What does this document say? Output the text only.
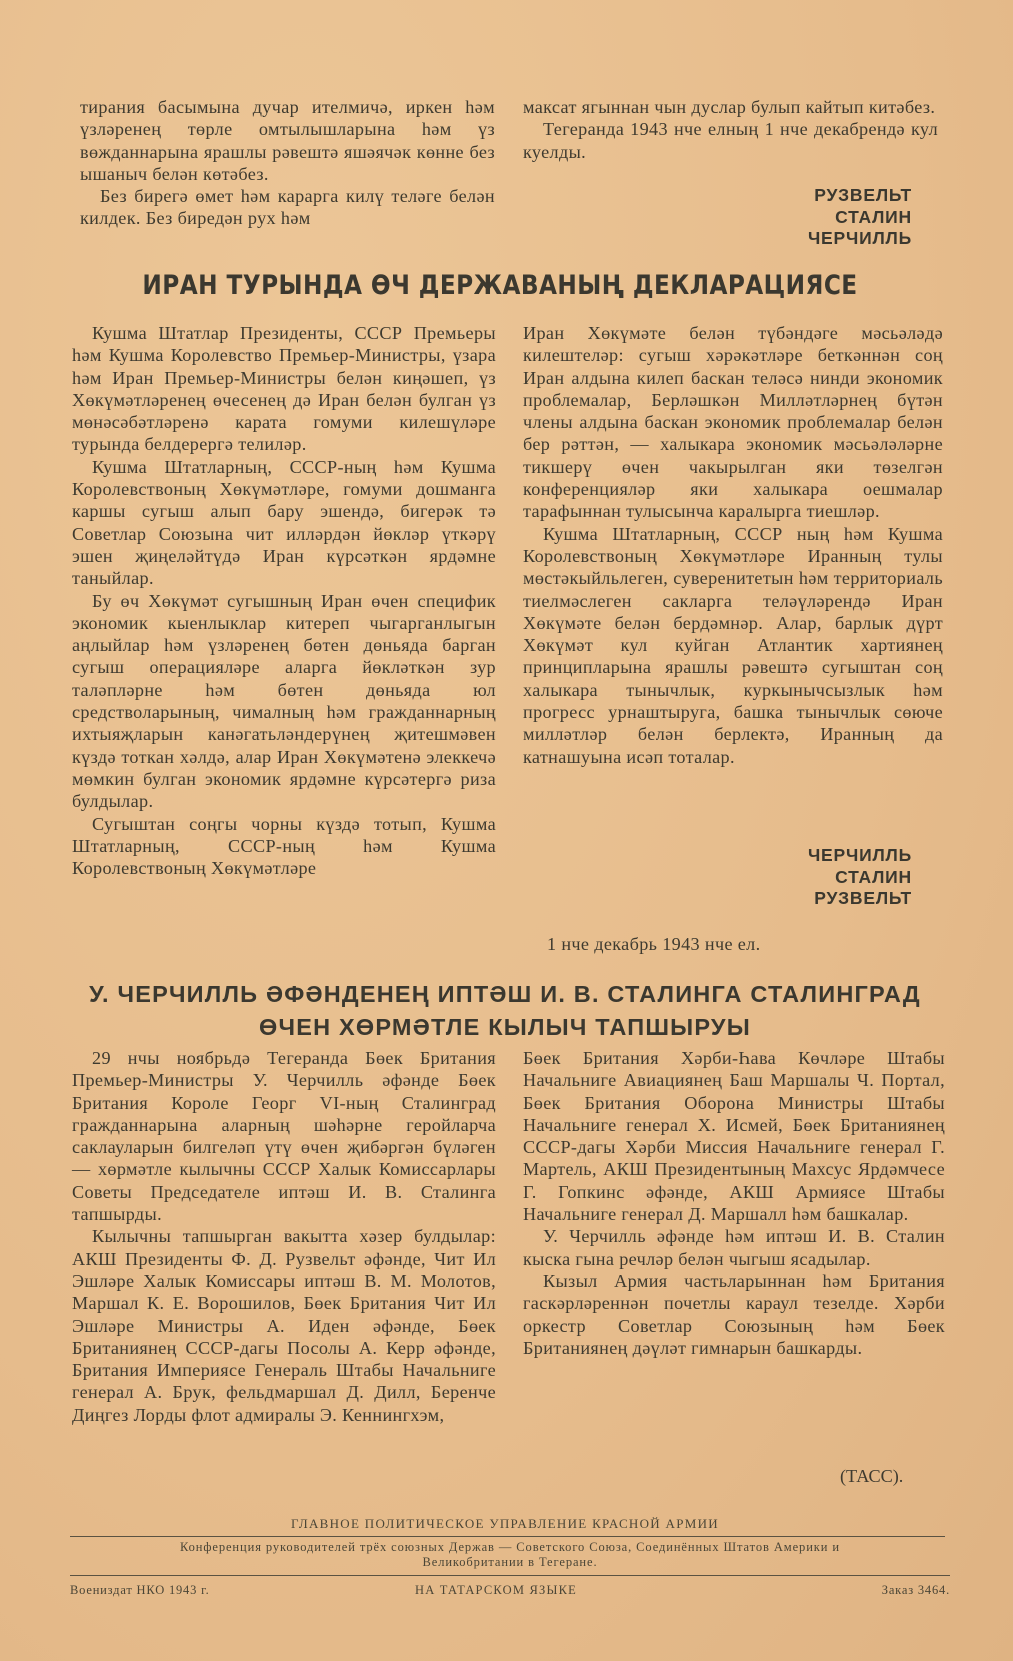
тирания басымына дучар ителмичә, иркен һәм үзләренең төрле омтылышларына һәм үз вөжданнарына ярашлы рәвештә яшәячәк көнне без ышаныч белән көтәбез.

Без бирегә өмет һәм карарга килү теләге белән килдек. Без биредән рух һәм

максат ягыннан чын дуслар булып кайтып китәбез.

Тегеранда 1943 нче елның 1 нче декабрендә кул куелды.

РУЗВЕЛЬТ
СТАЛИН
ЧЕРЧИЛЛЬ
ИРАН ТУРЫНДА ӨЧ ДЕРЖАВАНЫҢ ДЕКЛАРАЦИЯСЕ

Кушма Штатлар Президенты, СССР Премьеры һәм Кушма Королевство Премьер-Министры, үзара һәм Иран Премьер-Министры белән киңәшеп, үз Хөкүмәтләренең өчесенең дә Иран белән булган үз мөнәсәбәтләренә карата гомуми килешүләре турында белдерергә телиләр.

Кушма Штатларның, СССР-ның һәм Кушма Королевствоның Хөкүмәтләре, гомуми дошманга каршы сугыш алып бару эшендә, бигерәк тә Советлар Союзына чит илләрдән йөкләр үткәрү эшен җиңеләйтүдә Иран күрсәткән ярдәмне таныйлар.

Бу өч Хөкүмәт сугышның Иран өчен специфик экономик кыенлыклар китереп чыгарганлыгын аңлыйлар һәм үзләренең бөтен дөньяда барган сугыш операцияләре аларга йөкләткән зур таләпләрне һәм бөтен дөньяда юл средстволарының, чималның һәм гражданнарның ихтыяҗларын канәгатьләндерүнең җитешмәвен күздә тоткан хәлдә, алар Иран Хөкүмәтенә элеккечә мөмкин булган экономик ярдәмне күрсәтергә риза булдылар.

Сугыштан соңгы чорны күздә тотып, Кушма Штатларның, СССР-ның һәм Кушма Королевствоның Хөкүмәтләре

Иран Хөкүмәте белән түбәндәге мәсьәләдә килештеләр: сугыш хәрәкәтләре беткәннән соң Иран алдына килеп баскан теләсә нинди экономик проблемалар, Берләшкән Милләтләрнең бүтән члены алдына баскан экономик проблемалар белән бер рәттән, — халыкара экономик мәсьәләләрне тикшерү өчен чакырылган яки төзелгән конференцияләр яки халыкара оешмалар тарафыннан тулысынча каралырга тиешләр.

Кушма Штатларның, СССР ның һәм Кушма Королевствоның Хөкүмәтләре Иранның тулы мөстәкыйльлеген, суверенитетын һәм территориаль тиелмәслеген сакларга теләүләрендә Иран Хөкүмәте белән бердәмнәр. Алар, барлык дүрт Хөкүмәт кул куйган Атлантик хартиянең принципларына ярашлы рәвештә сугыштан соң халыкара тынычлык, куркынычсызлык һәм прогресс урнаштыруга, башка тынычлык сөюче милләтләр белән берлектә, Иранның да катнашуына исәп тоталар.

ЧЕРЧИЛЛЬ
СТАЛИН
РУЗВЕЛЬТ
1 нче декабрь 1943 нче ел.
У. ЧЕРЧИЛЛЬ ӘФӘНДЕНЕҢ ИПТӘШ И. В. СТАЛИНГА СТАЛИНГРАД
ӨЧЕН ХӨРМӘТЛЕ КЫЛЫЧ ТАПШЫРУЫ

29 нчы ноябрьдә Тегеранда Бөек Британия Премьер-Министры У. Черчилль әфәнде Бөек Британия Короле Георг VI-ның Сталинград гражданнарына аларның шәһәрне геройларча саклауларын билгеләп үтү өчен җибәргән бүләген — хөрмәтле кылычны СССР Халык Комиссарлары Советы Председателе иптәш И. В. Сталинга тапшырды.

Кылычны тапшырган вакытта хәзер булдылар: АКШ Президенты Ф. Д. Рузвельт әфәнде, Чит Ил Эшләре Халык Комиссары иптәш В. М. Молотов, Маршал К. Е. Ворошилов, Бөек Британия Чит Ил Эшләре Министры А. Иден әфәнде, Бөек Британиянең СССР-дагы Посолы А. Керр әфәнде, Британия Империясе Генераль Штабы Начальниге генерал А. Брук, фельдмаршал Д. Дилл, Беренче Диңгез Лорды флот адмиралы Э. Кеннингхэм,

Бөек Британия Хәрби-Һава Көчләре Штабы Начальниге Авиациянең Баш Маршалы Ч. Портал, Бөек Британия Оборона Министры Штабы Начальниге генерал Х. Исмей, Бөек Британиянең СССР-дагы Хәрби Миссия Начальниге генерал Г. Мартель, АКШ Президентының Махсус Ярдәмчесе Г. Гопкинс әфәнде, АКШ Армиясе Штабы Начальниге генерал Д. Маршалл һәм башкалар.

У. Черчилль әфәнде һәм иптәш И. В. Сталин кыска гына речләр белән чыгыш ясадылар.

Кызыл Армия частьларыннан һәм Британия гаскәрләреннән почетлы караул тезелде. Хәрби оркестр Советлар Союзының һәм Бөек Британиянең дәүләт гимнарын башкарды.

(ТАСС).
ГЛАВНОЕ ПОЛИТИЧЕСКОЕ УПРАВЛЕНИЕ КРАСНОЙ АРМИИ
Конференция руководителей трёх союзных Держав — Советского Союза, Соединённых Штатов Америки и
Великобритании в Тегеране.
Воениздат НКО 1943 г.	НА ТАТАРСКОМ ЯЗЫКЕ	Заказ 3464.
